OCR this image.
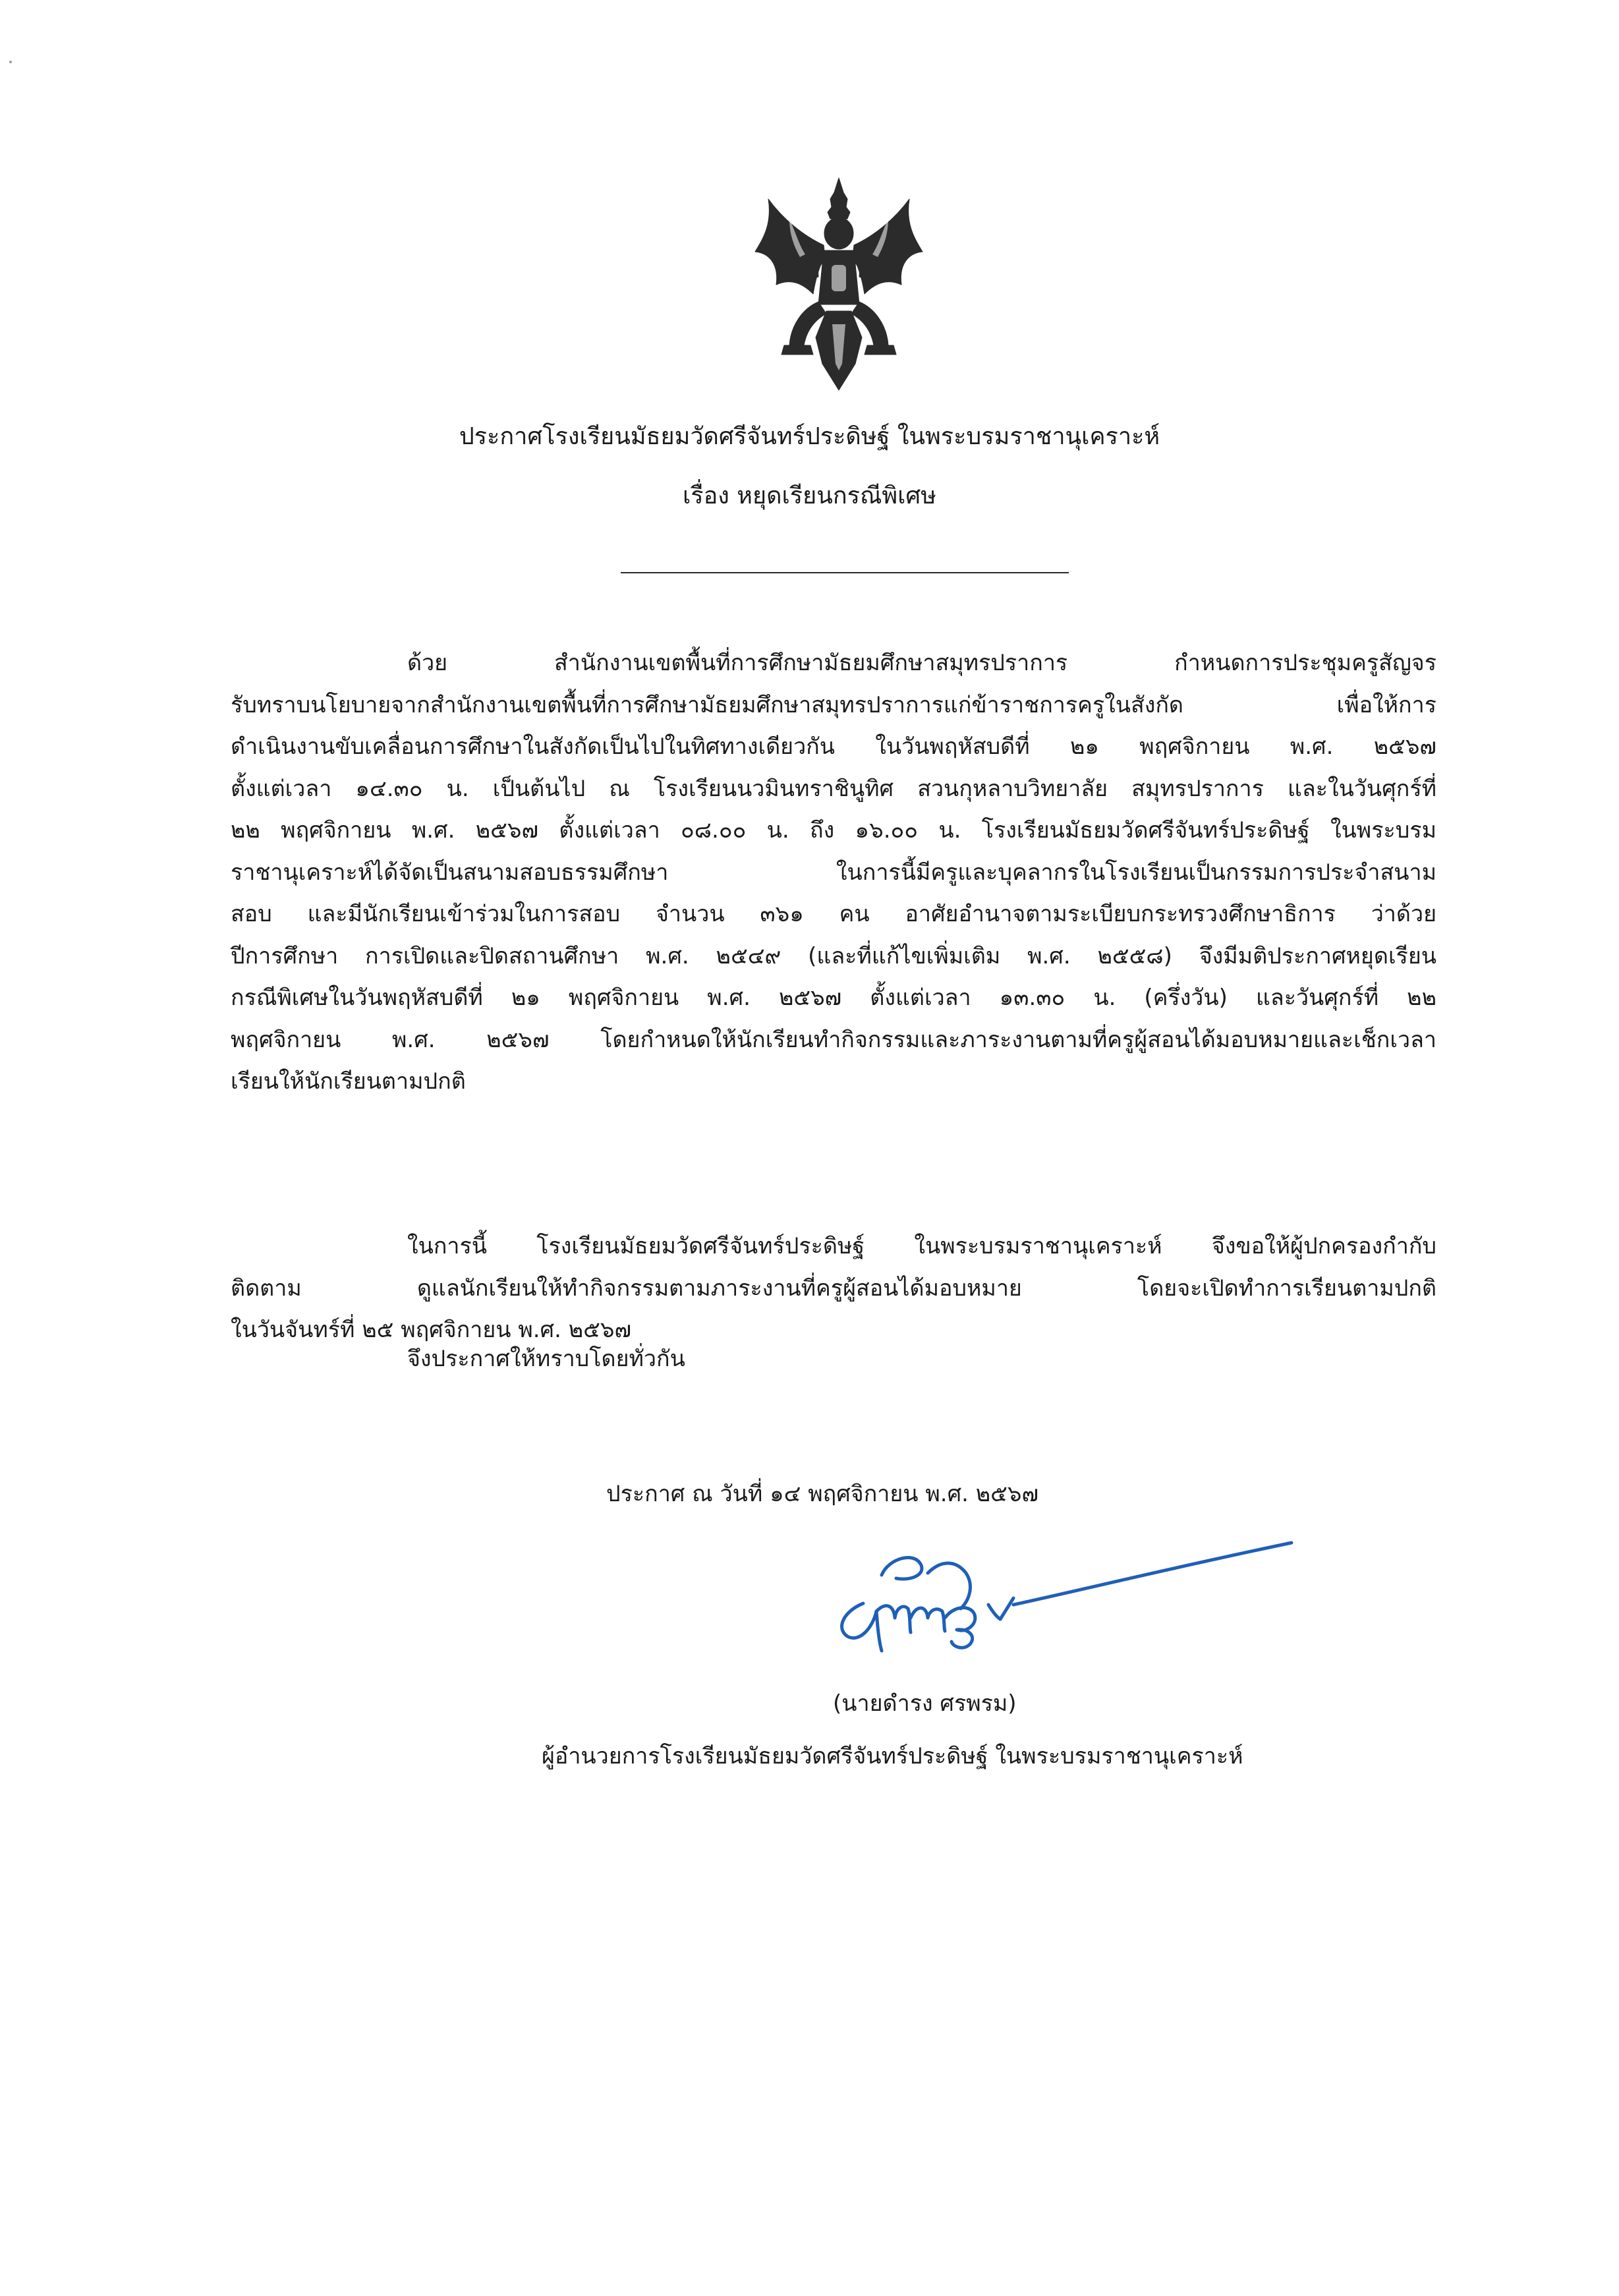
ประกาศโรงเรียนมัธยมวัดศรีจันทร์ประดิษฐ์ ในพระบรมราชานุเคราะห์
เรื่อง หยุดเรียนกรณีพิเศษ
ด้วย สำนักงานเขตพื้นที่การศึกษามัธยมศึกษาสมุทรปราการ กำหนดการประชุมครูสัญจร
รับทราบนโยบายจากสำนักงานเขตพื้นที่การศึกษามัธยมศึกษาสมุทรปราการแก่ข้าราชการครูในสังกัด เพื่อให้การ
ดำเนินงานขับเคลื่อนการศึกษาในสังกัดเป็นไปในทิศทางเดียวกัน ในวันพฤหัสบดีที่ ๒๑ พฤศจิกายน พ.ศ. ๒๕๖๗
ตั้งแต่เวลา ๑๔.๓๐ น. เป็นต้นไป ณ โรงเรียนนวมินทราชินูทิศ สวนกุหลาบวิทยาลัย สมุทรปราการ และในวันศุกร์ที่
๒๒ พฤศจิกายน พ.ศ. ๒๕๖๗ ตั้งแต่เวลา ๐๘.๐๐ น. ถึง ๑๖.๐๐ น. โรงเรียนมัธยมวัดศรีจันทร์ประดิษฐ์ ในพระบรม
ราชานุเคราะห์ได้จัดเป็นสนามสอบธรรมศึกษา ในการนี้มีครูและบุคลากรในโรงเรียนเป็นกรรมการประจำสนาม
สอบ และมีนักเรียนเข้าร่วมในการสอบ จำนวน ๓๖๑ คน อาศัยอำนาจตามระเบียบกระทรวงศึกษาธิการ ว่าด้วย
ปีการศึกษา การเปิดและปิดสถานศึกษา พ.ศ. ๒๕๔๙ (และที่แก้ไขเพิ่มเติม พ.ศ. ๒๕๕๘) จึงมีมติประกาศหยุดเรียน
กรณีพิเศษในวันพฤหัสบดีที่ ๒๑ พฤศจิกายน พ.ศ. ๒๕๖๗ ตั้งแต่เวลา ๑๓.๓๐ น. (ครึ่งวัน) และวันศุกร์ที่ ๒๒
พฤศจิกายน พ.ศ. ๒๕๖๗ โดยกำหนดให้นักเรียนทำกิจกรรมและภาระงานตามที่ครูผู้สอนได้มอบหมายและเช็กเวลา
เรียนให้นักเรียนตามปกติ
ในการนี้ โรงเรียนมัธยมวัดศรีจันทร์ประดิษฐ์ ในพระบรมราชานุเคราะห์ จึงขอให้ผู้ปกครองกำกับ
ติดตาม ดูแลนักเรียนให้ทำกิจกรรมตามภาระงานที่ครูผู้สอนได้มอบหมาย โดยจะเปิดทำการเรียนตามปกติ
ในวันจันทร์ที่ ๒๕ พฤศจิกายน พ.ศ. ๒๕๖๗
จึงประกาศให้ทราบโดยทั่วกัน
ประกาศ ณ วันที่ ๑๔ พฤศจิกายน พ.ศ. ๒๕๖๗
(นายดำรง ศรพรม)
ผู้อำนวยการโรงเรียนมัธยมวัดศรีจันทร์ประดิษฐ์ ในพระบรมราชานุเคราะห์
